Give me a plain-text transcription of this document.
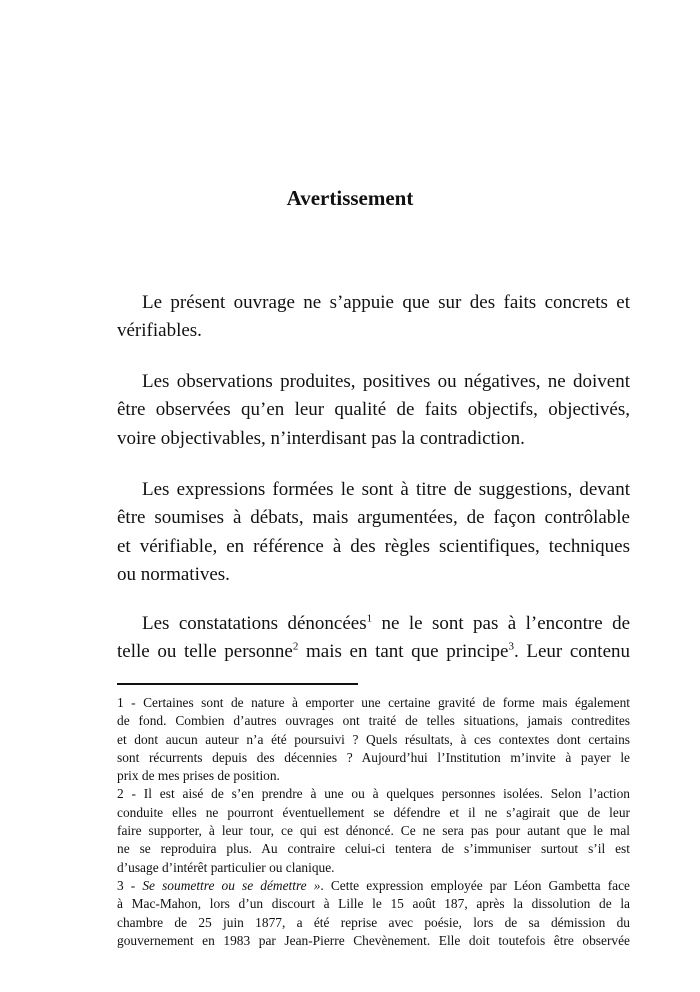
Avertissement
Le présent ouvrage ne s’appuie que sur des faits concrets et
vérifiables.
Les observations produites, positives ou négatives, ne doivent
être observées qu’en leur qualité de faits objectifs, objectivés,
voire objectivables, n’interdisant pas la contradiction.
Les expressions formées le sont à titre de suggestions, devant
être soumises à débats, mais argumentées, de façon contrôlable
et vérifiable, en référence à des règles scientifiques, techniques
ou normatives.
Les constatations dénoncées$^1$ ne le sont pas à l’encontre de
telle ou telle personne$^2$ mais en tant que principe$^3$. Leur contenu
1 - Certaines sont de nature à emporter une certaine gravité de forme mais également
de fond. Combien d’autres ouvrages ont traité de telles situations, jamais contredites
et dont aucun auteur n’a été poursuivi ? Quels résultats, à ces contextes dont certains
sont récurrents depuis des décennies ? Aujourd’hui l’Institution m’invite à payer le
prix de mes prises de position.
2 - Il est aisé de s’en prendre à une ou à quelques personnes isolées. Selon l’action
conduite elles ne pourront éventuellement se défendre et il ne s’agirait que de leur
faire supporter, à leur tour, ce qui est dénoncé. Ce ne sera pas pour autant que le mal
ne se reproduira plus. Au contraire celui-ci tentera de s’immuniser surtout s’il est
d’usage d’intérêt particulier ou clanique.
3 - Se soumettre ou se démettre ». Cette expression employée par Léon Gambetta face
à Mac-Mahon, lors d’un discourt à Lille le 15 août 187, après la dissolution de la
chambre de 25 juin 1877, a été reprise avec poésie, lors de sa démission du
gouvernement en 1983 par Jean-Pierre Chevènement. Elle doit toutefois être observée
